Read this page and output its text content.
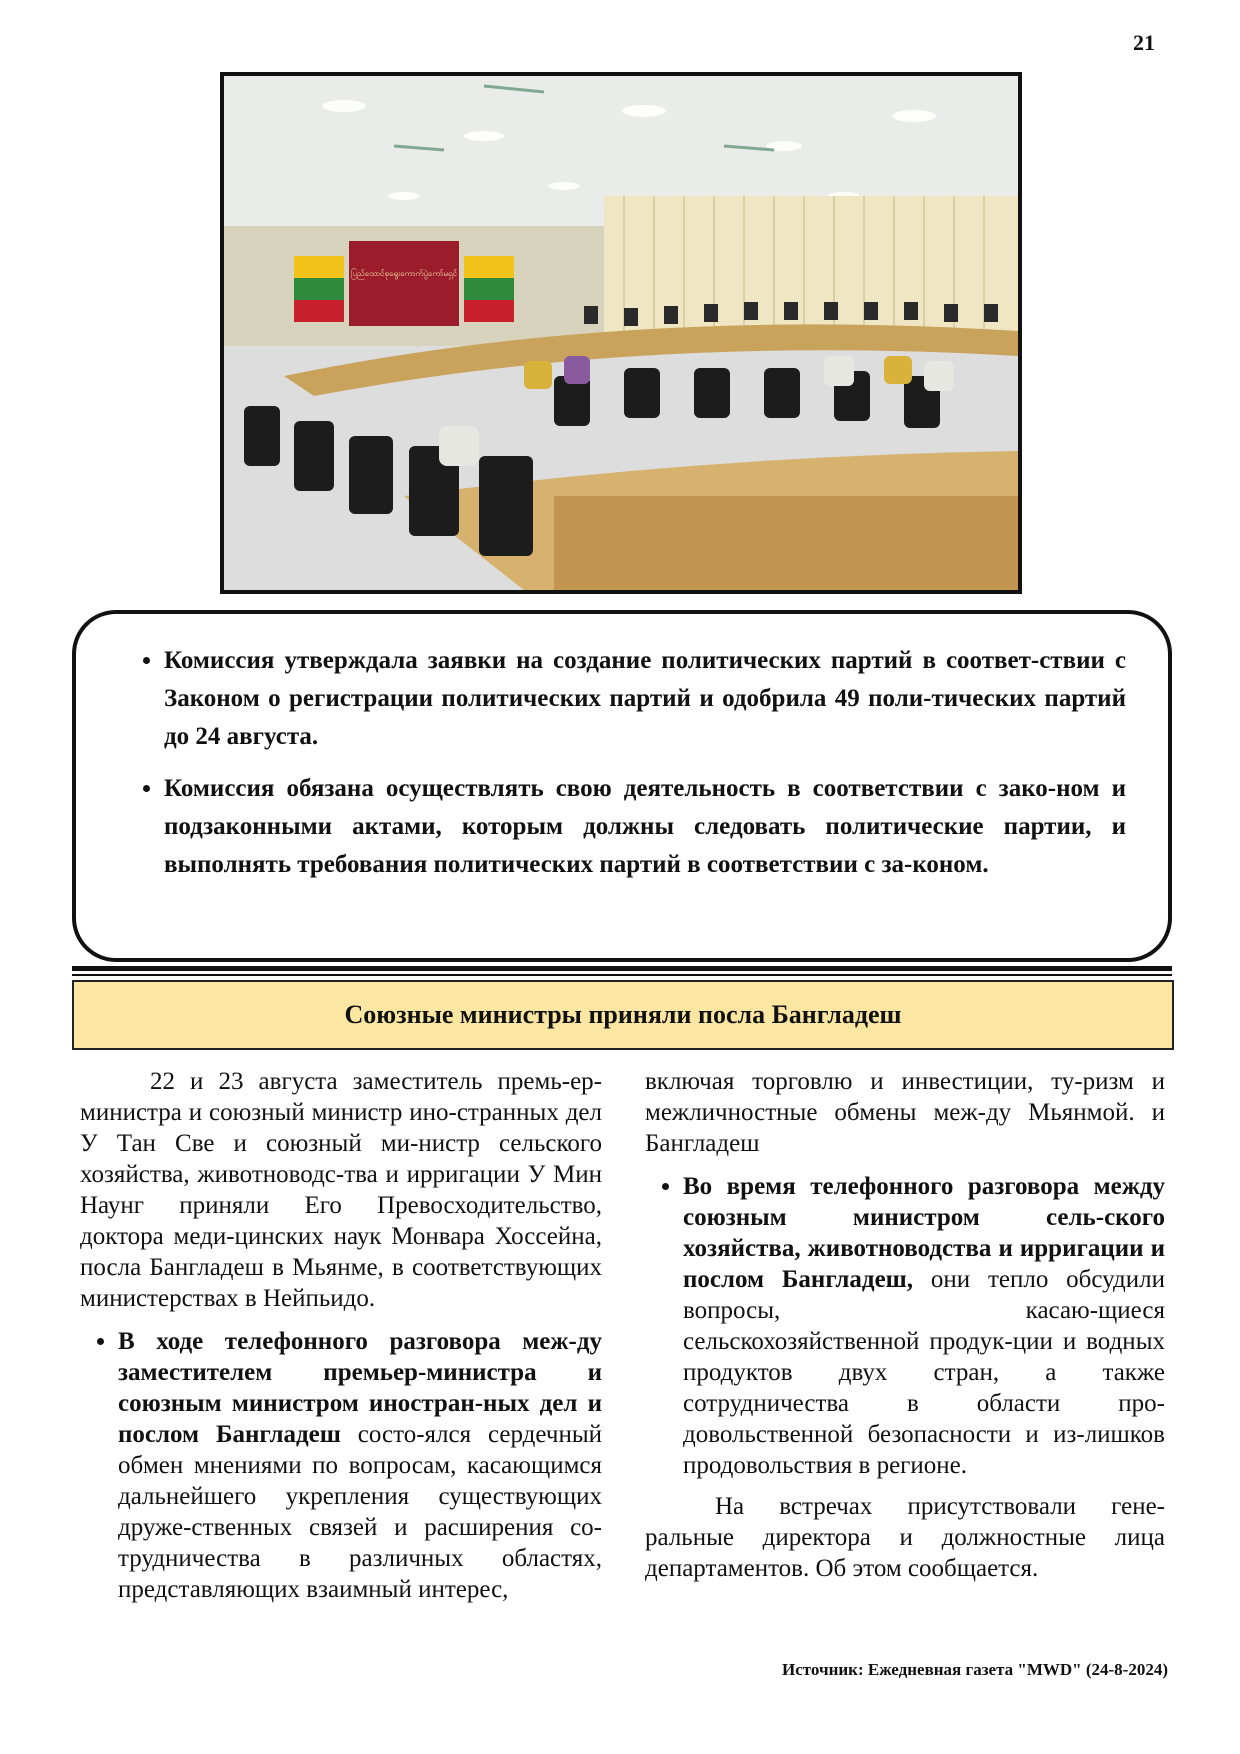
21
ပြည်ထောင်စုရွေးကောက်ပွဲကော်မရှင်
• Комиссия утверждала заявки на создание политических партий в соответ-ствии с Законом о регистрации политических партий и одобрила 49 поли-тических партий до 24 августа.
• Комиссия обязана осуществлять свою деятельность в соответствии с зако-ном и подзаконными актами, которым должны следовать политические партии, и выполнять требования политических партий в соответствии с за-коном.
Союзные министры приняли посла Бангладеш

22 и 23 августа заместитель премь-ер-министра и союзный министр ино-странных дел У Тан Све и союзный ми-нистр сельского хозяйства, животноводс-тва и ирригации У Мин Наунг приняли Его Превосходительство, доктора меди-цинских наук Монвара Хоссейна, посла Бангладеш в Мьянме, в соответствующих министерствах в Нейпьидо.

• В ходе телефонного разговора меж-ду заместителем премьер-министра и союзным министром иностран-ных дел и послом Бангладеш состо-ялся сердечный обмен мнениями по вопросам, касающимся дальнейшего укрепления существующих друже-ственных связей и расширения со-трудничества в различных областях, представляющих взаимный интерес,

включая торговлю и инвестиции, ту-ризм и межличностные обмены меж-ду Мьянмой. и Бангладеш

• Во время телефонного разговора между союзным министром сель-ского хозяйства, животноводства и ирригации и послом Бангладеш, они тепло обсудили вопросы, касаю-щиеся сельскохозяйственной продук-ции и водных продуктов двух стран, а также сотрудничества в области про-довольственной безопасности и из-лишков продовольствия в регионе.

На встречах присутствовали гене-ральные директора и должностные лица департаментов. Об этом сообщается.

Источник: Ежедневная газета "MWD" (24-8-2024)
